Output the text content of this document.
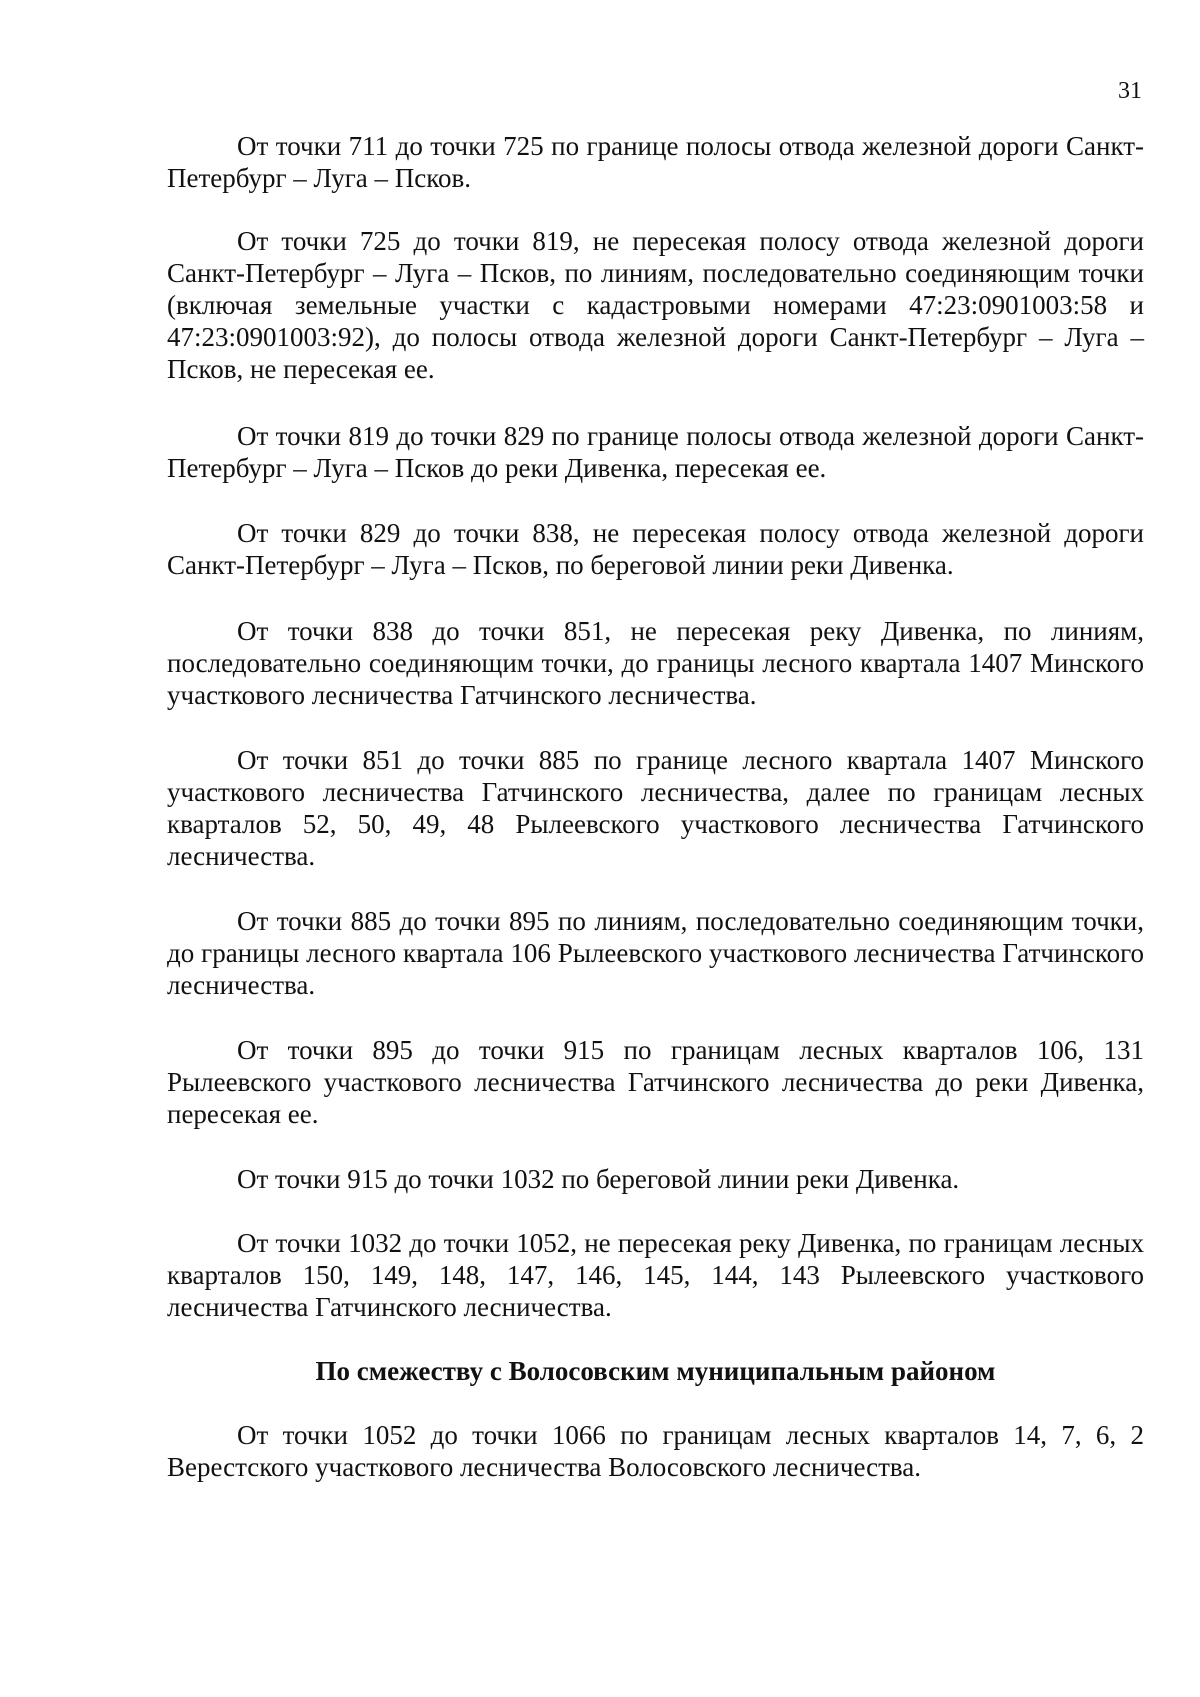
31

От точки 711 до точки 725 по границе полосы отвода железной дороги Санкт-Петербург – Луга – Псков.

От точки 725 до точки 819, не пересекая полосу отвода железной дороги Санкт-Петербург – Луга – Псков, по линиям, последовательно соединяющим точки (включая земельные участки с кадастровыми номерами 47:23:0901003:58 и 47:23:0901003:92), до полосы отвода железной дороги Санкт-Петербург – Луга – Псков, не пересекая ее.

От точки 819 до точки 829 по границе полосы отвода железной дороги Санкт-Петербург – Луга – Псков до реки Дивенка, пересекая ее.

От точки 829 до точки 838, не пересекая полосу отвода железной дороги Санкт-Петербург – Луга – Псков, по береговой линии реки Дивенка.

От точки 838 до точки 851, не пересекая реку Дивенка, по линиям, последовательно соединяющим точки, до границы лесного квартала 1407 Минского участкового лесничества Гатчинского лесничества.

От точки 851 до точки 885 по границе лесного квартала 1407 Минского участкового лесничества Гатчинского лесничества, далее по границам лесных кварталов 52, 50, 49, 48 Рылеевского участкового лесничества Гатчинского лесничества.

От точки 885 до точки 895 по линиям, последовательно соединяющим точки, до границы лесного квартала 106 Рылеевского участкового лесничества Гатчинского лесничества.

От точки 895 до точки 915 по границам лесных кварталов 106, 131 Рылеевского участкового лесничества Гатчинского лесничества до реки Дивенка, пересекая ее.

От точки 915 до точки 1032 по береговой линии реки Дивенка.

От точки 1032 до точки 1052, не пересекая реку Дивенка, по границам лесных кварталов 150, 149, 148, 147, 146, 145, 144, 143 Рылеевского участкового лесничества Гатчинского лесничества.

По смежеству с Волосовским муниципальным районом

От точки 1052 до точки 1066 по границам лесных кварталов 14, 7, 6, 2 Верестского участкового лесничества Волосовского лесничества.
